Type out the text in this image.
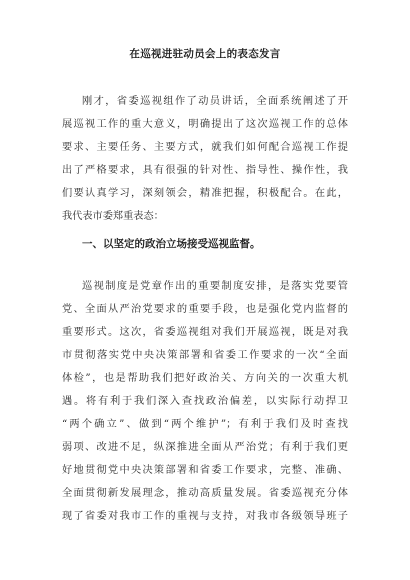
在巡视进驻动员会上的表态发言
刚才，省委巡视组作了动员讲话，全面系统阐述了开
展巡视工作的重大意义，明确提出了这次巡视工作的总体
要求、主要任务、主要方式，就我们如何配合巡视工作提
出了严格要求，具有很强的针对性、指导性、操作性，我
们要认真学习，深刻领会，精准把握，积极配合。在此，
我代表市委郑重表态：
一、以坚定的政治立场接受巡视监督。
巡视制度是党章作出的重要制度安排，是落实党要管
党、全面从严治党要求的重要手段，也是强化党内监督的
重要形式。这次，省委巡视组对我们开展巡视，既是对我
市贯彻落实党中央决策部署和省委工作要求的一次“全面
体检”，也是帮助我们把好政治关、方向关的一次重大机
遇。将有利于我们深入查找政治偏差，以实际行动捍卫
“两个确立”、做到“两个维护”；有利于我们及时查找
弱项、改进不足，纵深推进全面从严治党；有利于我们更
好地贯彻党中央决策部署和省委工作要求，完整、准确、
全面贯彻新发展理念，推动高质量发展。省委巡视充分体
现了省委对我市工作的重视与支持，对我市各级领导班子
